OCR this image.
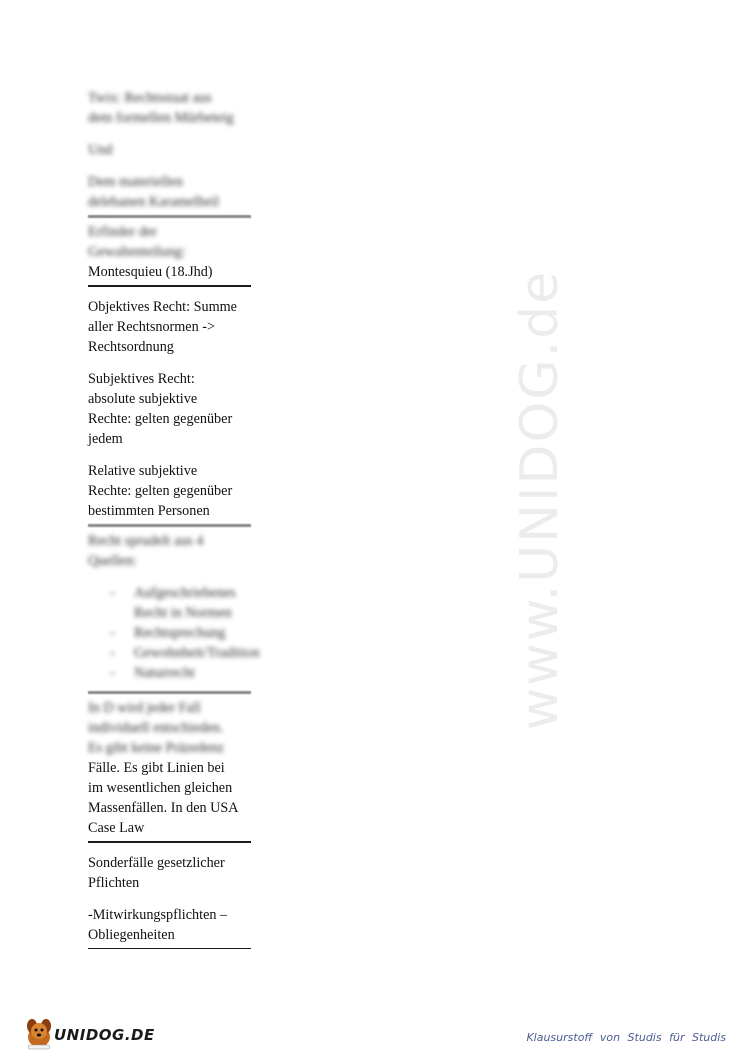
www.UNIDOG.de

Twix: Rechtsstaat aus

dem formellen Mürbeteig

Und

Dem materiellen

delebanen Karamelheil

Erfinder der

Gewaltenteilung:

Montesquieu (18.Jhd)

Objektives Recht: Summe

aller Rechtsnormen ->

Rechtsordnung

Subjektives Recht:

absolute subjektive

Rechte: gelten gegenüber

jedem

Relative subjektive

Rechte: gelten gegenüber

bestimmten Personen

Recht sprudelt aus 4

Quellen:

- Aufgeschriebenes Recht in Normen
- Rechtsprechung
- Gewohnheit/Tradition
- Naturrecht

In D wird jeder Fall

individuell entschieden.

Es gibt keine Präzedenz

Fälle. Es gibt Linien bei

im wesentlichen gleichen

Massenfällen. In den USA

Case Law

Sonderfälle gesetzlicher

Pflichten

-Mitwirkungspflichten –

Obliegenheiten

UNIDOG.DE	Klausurstoff von Studis für Studis
